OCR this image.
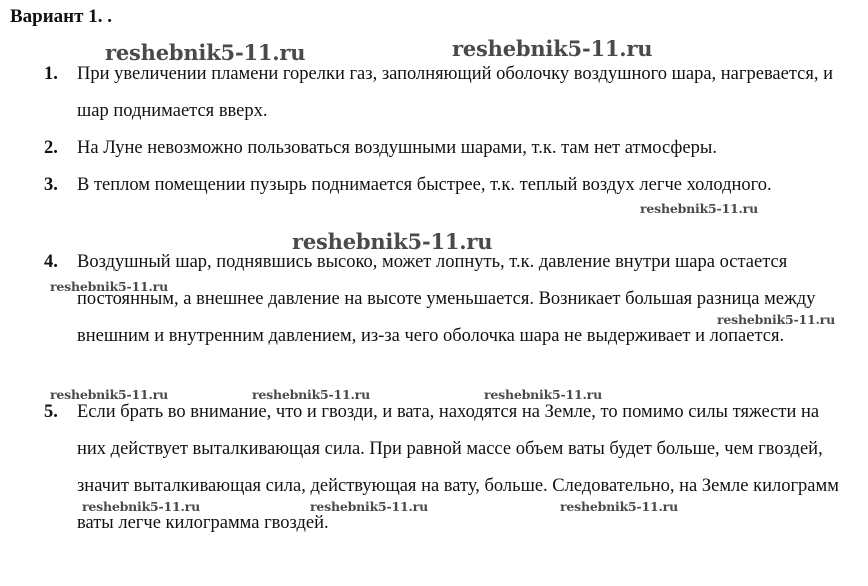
Вариант 1. .
1. При увеличении пламени горелки газ, заполняющий оболочку воздушного шара, нагревается, и шар поднимается вверх.
2. На Луне невозможно пользоваться воздушными шарами, т.к. там нет атмосферы.
3. В теплом помещении пузырь поднимается быстрее, т.к. теплый воздух легче холодного.
4. Воздушный шар, поднявшись высоко, может лопнуть, т.к. давление внутри шара остается постоянным, а внешнее давление на высоте уменьшается. Возникает большая разница между внешним и внутренним давлением, из-за чего оболочка шара не выдерживает и лопается.
5. Если брать во внимание, что и гвозди, и вата, находятся на Земле, то помимо силы тяжести на них действует выталкивающая сила. При равной массе объем ваты будет больше, чем гвоздей, значит выталкивающая сила, действующая на вату, больше. Следовательно, на Земле килограмм ваты легче килограмма гвоздей.
reshebnik5-11.ru	reshebnik5-11.ru
reshebnik5-11.ru
reshebnik5-11.ru
reshebnik5-11.ru
reshebnik5-11.ru
reshebnik5-11.ru	reshebnik5-11.ru	reshebnik5-11.ru
reshebnik5-11.ru	reshebnik5-11.ru	reshebnik5-11.ru
